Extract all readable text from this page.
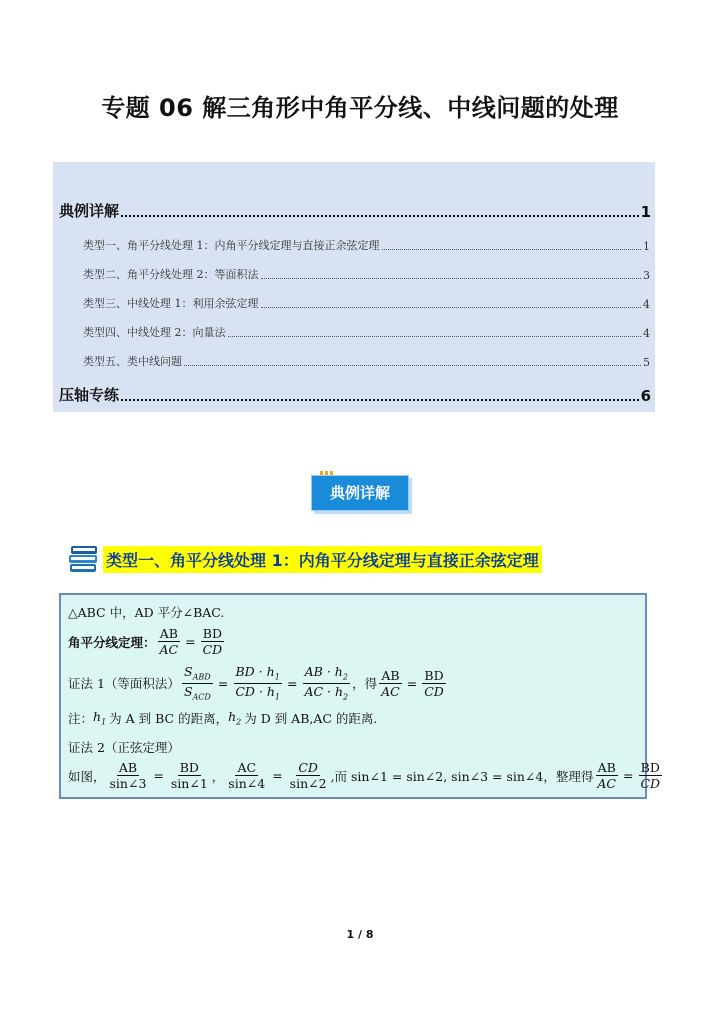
专题 06 解三角形中角平分线、中线问题的处理
典例详解	1
类型一、角平分线处理 1：内角平分线定理与直接正余弦定理	1
类型二、角平分线处理 2：等面积法	3
类型三、中线处理 1：利用余弦定理	4
类型四、中线处理 2：向量法	4
类型五、类中线问题	5
压轴专练	6
典例详解
类型一、角平分线处理 1：内角平分线定理与直接正余弦定理
△ABC 中，AD 平分∠BAC.
角平分线定理： $\frac{AB}{AC} = \frac{BD}{CD}$
证法 1（等面积法） $\frac{S_{ABD}}{S_{ACD}} = \frac{BD \cdot h_1}{CD \cdot h_1} = \frac{AB \cdot h_2}{AC \cdot h_2}$ ，得 $\frac{AB}{AC} = \frac{BD}{CD}$
注： $h_1$ 为 A 到 BC 的距离， $h_2$ 为 D 到 AB,AC 的距离.
证法 2（正弦定理）
如图， $\frac{AB}{\sin\angle 3} = \frac{BD}{\sin\angle 1}$ ， $\frac{AC}{\sin\angle 4} = \frac{CD}{\sin\angle 2}$ ,而 sin∠1 = sin∠2, sin∠3 = sin∠4 ，整理得 $\frac{AB}{AC} = \frac{BD}{CD}$
1 / 8
